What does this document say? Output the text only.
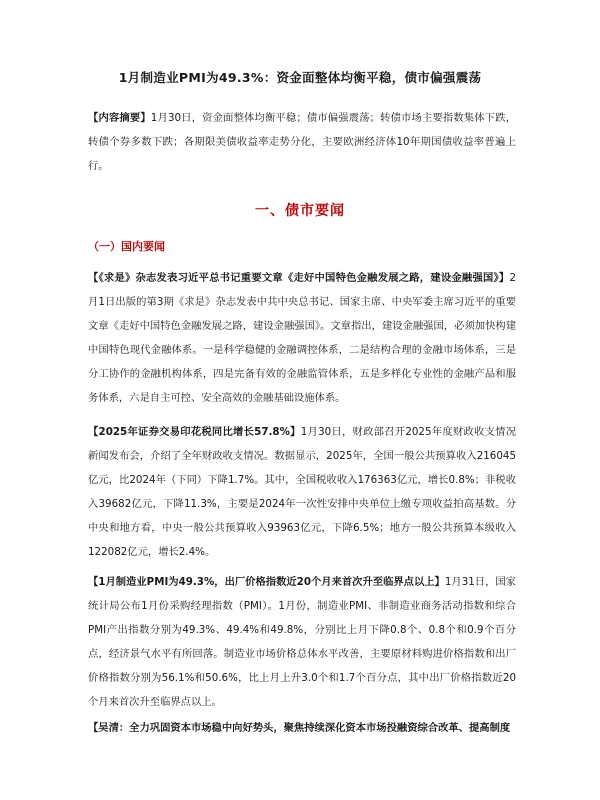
1月制造业PMI为49.3%：资金面整体均衡平稳，债市偏强震荡

【内容摘要】1月30日，资金面整体均衡平稳；债市偏强震荡；转债市场主要指数集体下跌，转债个券多数下跌；各期限美债收益率走势分化，主要欧洲经济体10年期国债收益率普遍上行。

一、债市要闻
（一）国内要闻

【《求是》杂志发表习近平总书记重要文章《走好中国特色金融发展之路，建设金融强国》】2月1日出版的第3期《求是》杂志发表中共中央总书记、国家主席、中央军委主席习近平的重要文章《走好中国特色金融发展之路，建设金融强国》。文章指出，建设金融强国，必须加快构建中国特色现代金融体系。一是科学稳健的金融调控体系，二是结构合理的金融市场体系，三是分工协作的金融机构体系，四是完备有效的金融监管体系，五是多样化专业性的金融产品和服务体系，六是自主可控、安全高效的金融基础设施体系。

【2025年证券交易印花税同比增长57.8%】1月30日，财政部召开2025年度财政收支情况新闻发布会，介绍了全年财政收支情况。数据显示，2025年，全国一般公共预算收入216045亿元，比2024年（下同）下降1.7%。其中，全国税收收入176363亿元，增长0.8%；非税收入39682亿元，下降11.3%，主要是2024年一次性安排中央单位上缴专项收益拍高基数。分中央和地方看，中央一般公共预算收入93963亿元，下降6.5%；地方一般公共预算本级收入122082亿元，增长2.4%。

【1月制造业PMI为49.3%，出厂价格指数近20个月来首次升至临界点以上】1月31日，国家统计局公布1月份采购经理指数（PMI）。1月份，制造业PMI、非制造业商务活动指数和综合PMI产出指数分别为49.3%、49.4%和49.8%，分别比上月下降0.8个、0.8个和0.9个百分点，经济景气水平有所回落。制造业市场价格总体水平改善，主要原材料购进价格指数和出厂价格指数分别为56.1%和50.6%，比上月上升3.0个和1.7个百分点，其中出厂价格指数近20个月来首次升至临界点以上。

【吴清：全力巩固资本市场稳中向好势头，聚焦持续深化资本市场投融资综合改革、提高制度
